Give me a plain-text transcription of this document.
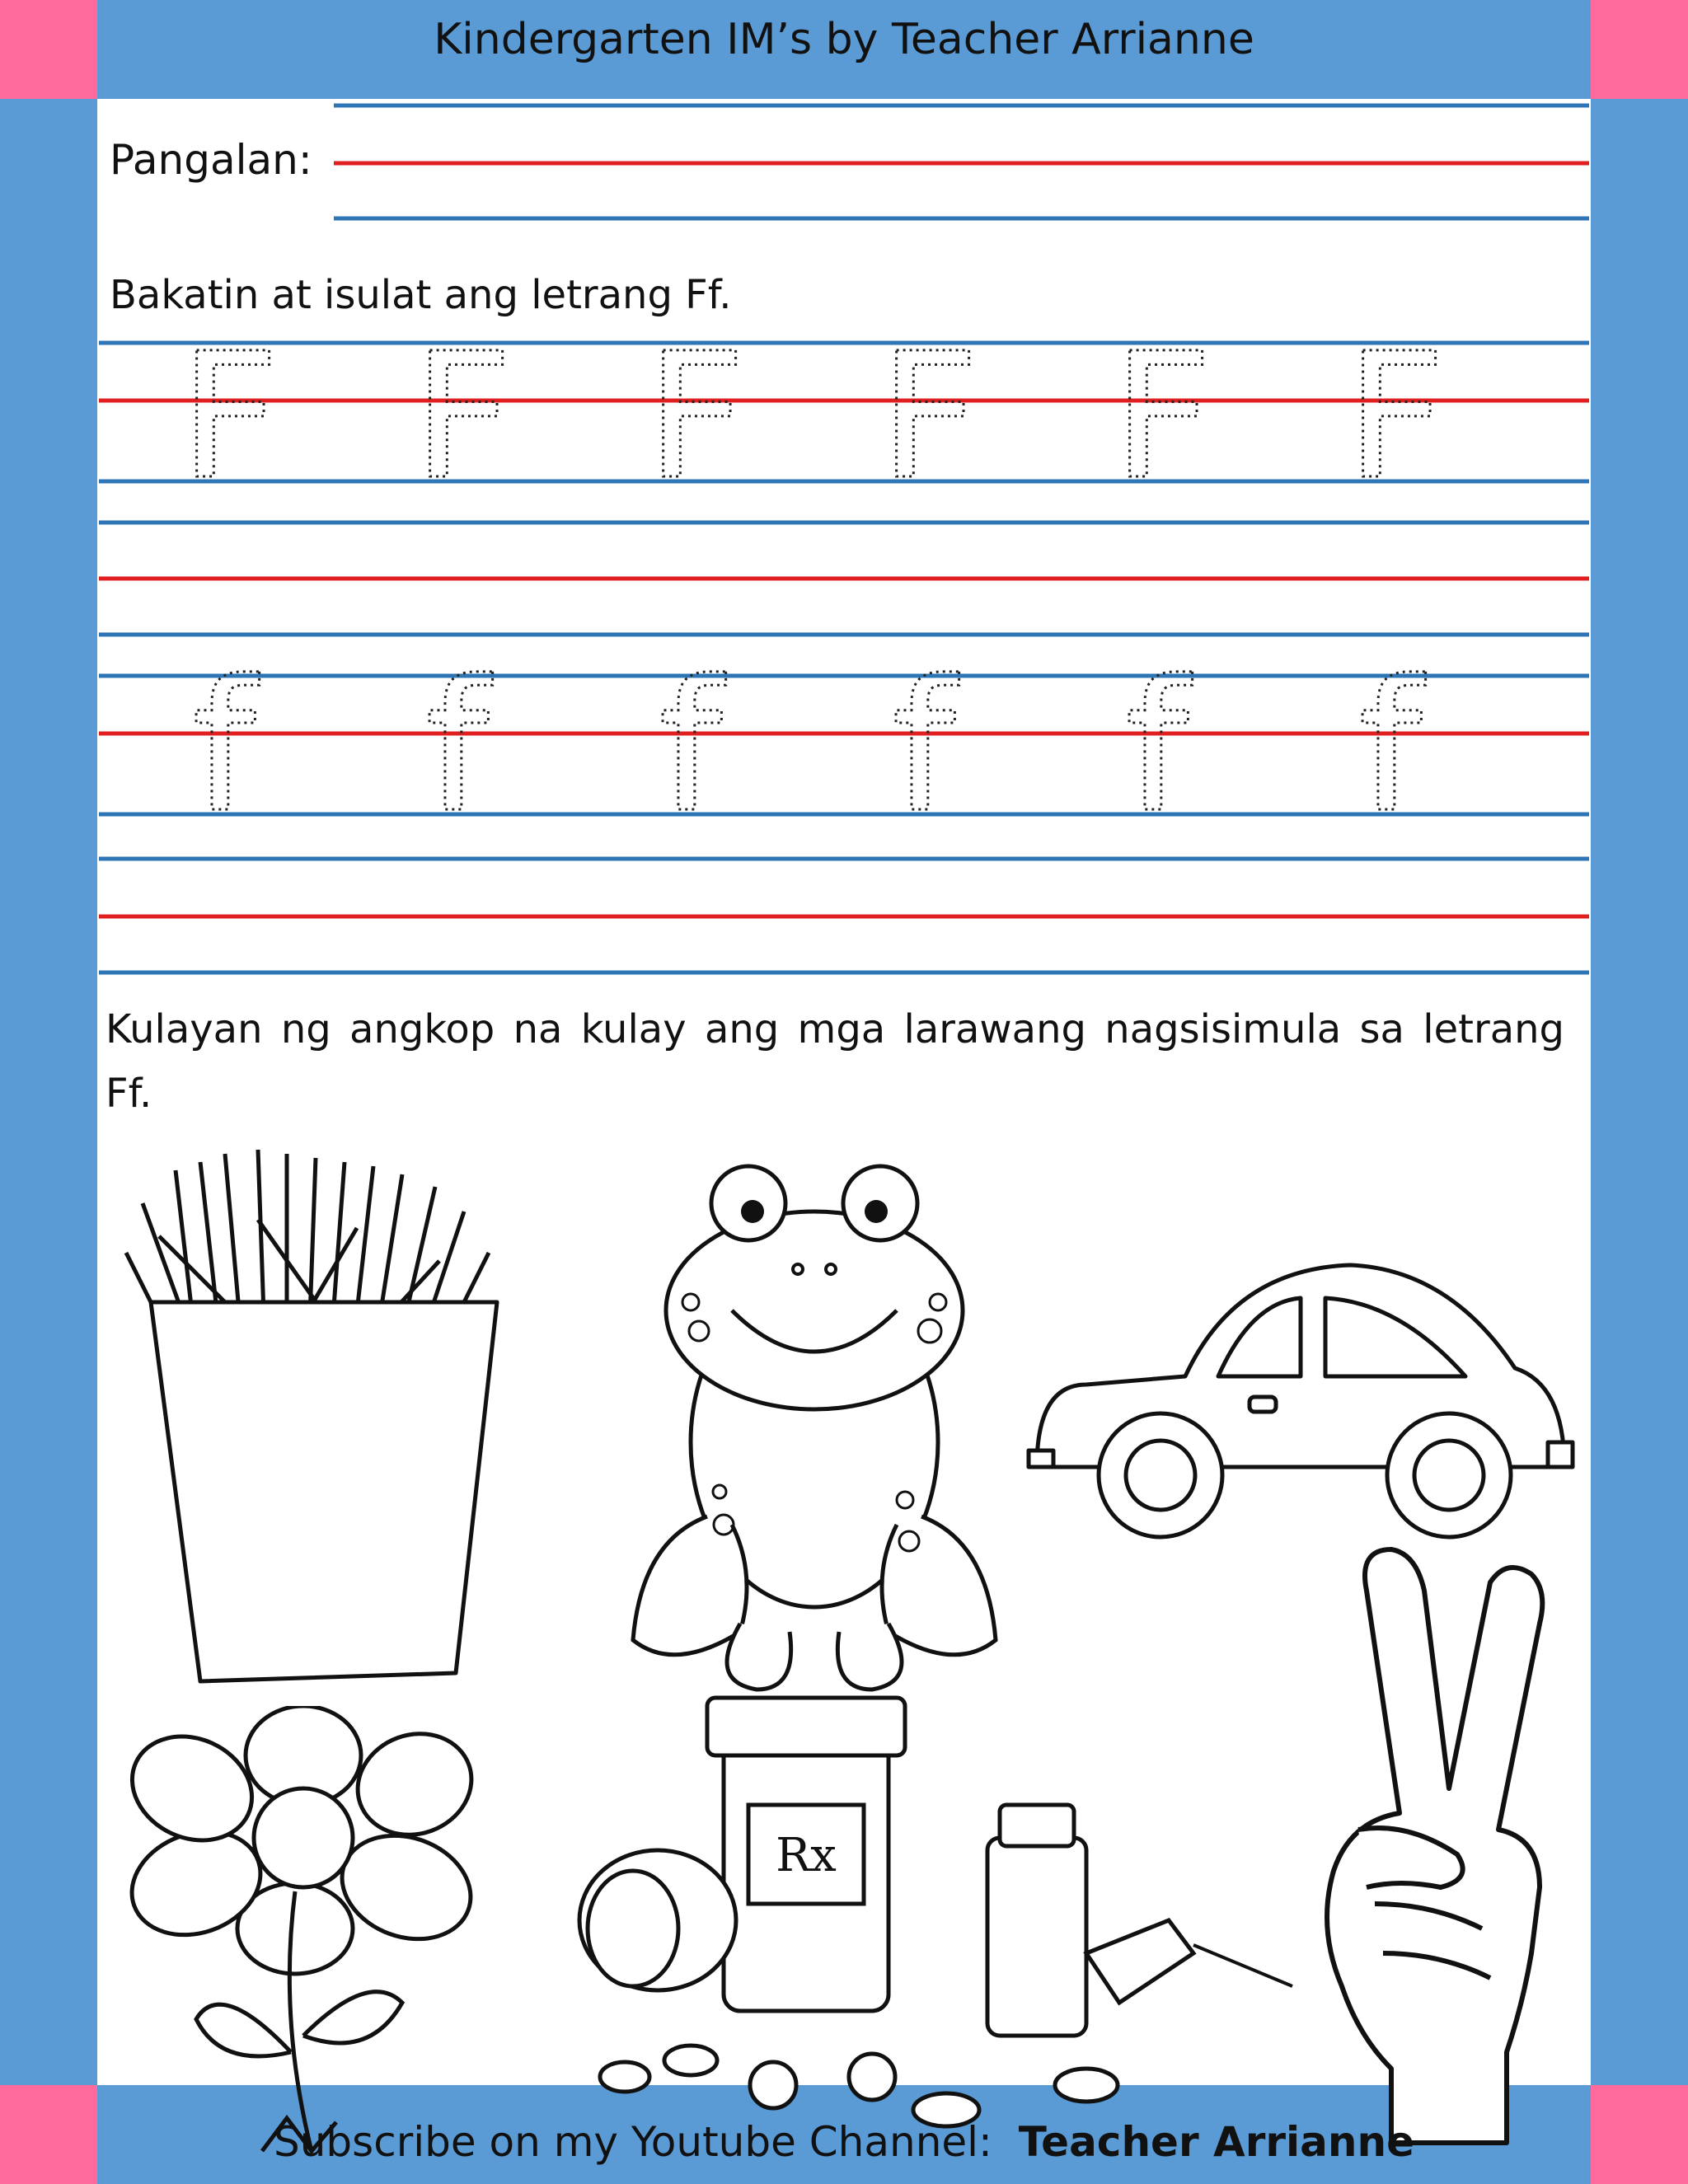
Kindergarten IM’s by Teacher Arrianne
Pangalan:
Bakatin at isulat ang letrang Ff.
Kulayan ng angkop na kulay ang mga larawang nagsisimula sa letrang Ff.
F F F F F F
f f f f f f
Rx
Subscribe on my Youtube Channel: Teacher Arrianne
